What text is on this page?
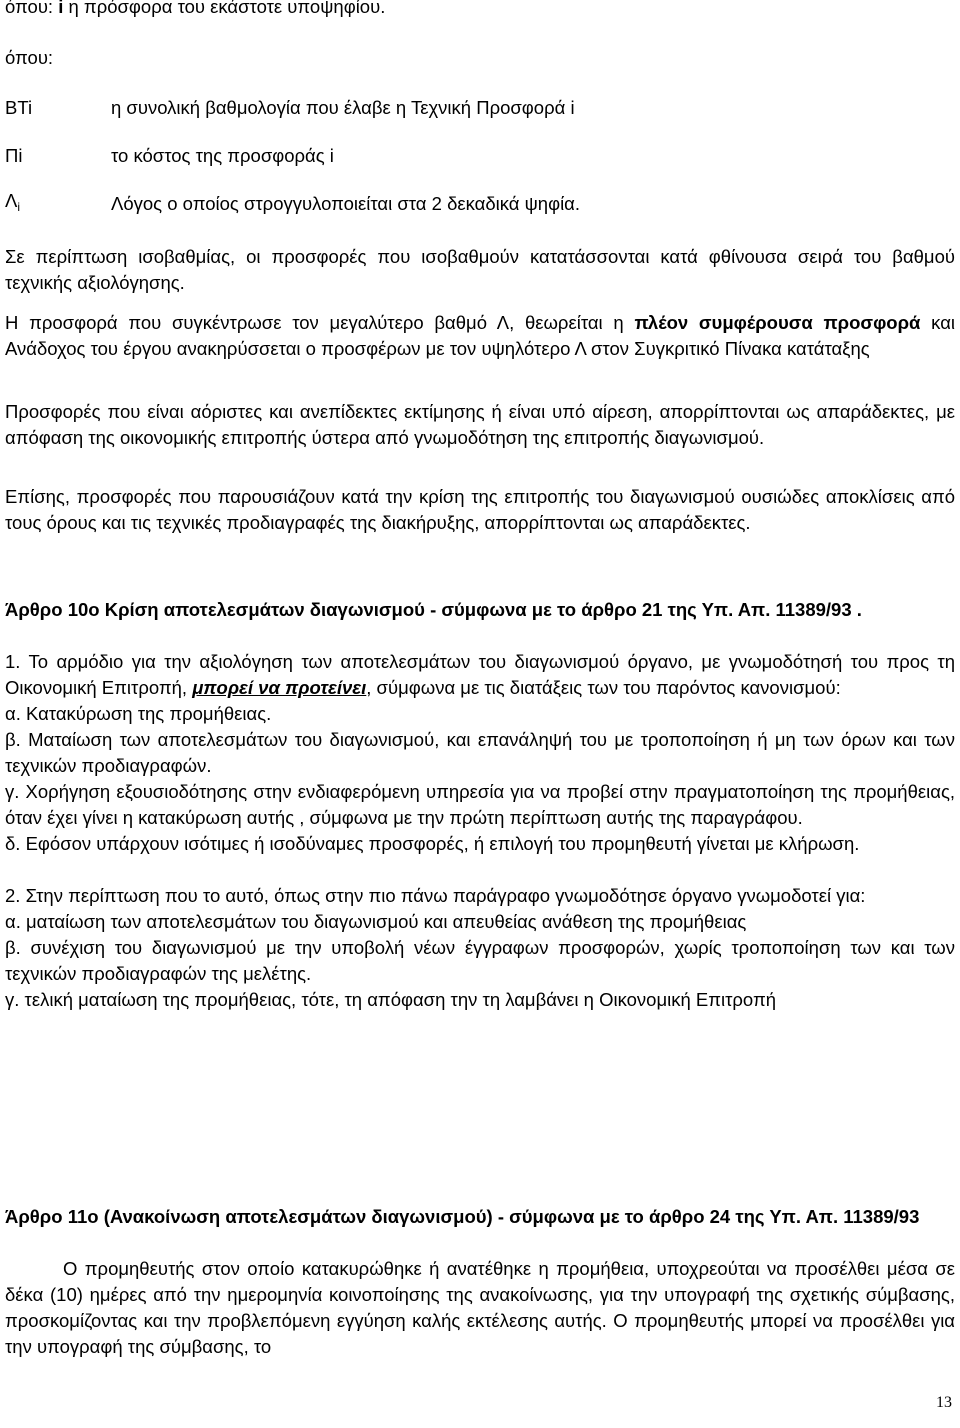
όπου: i η πρόσφορα του εκάστοτε υποψηφίου.

όπου:

BTi	η συνολική βαθμολογία που έλαβε η Τεχνική Προσφορά i
Πi	το κόστος της προσφοράς i
$\Lambda_i$	Λόγος ο οποίος στρογγυλοποιείται στα 2 δεκαδικά ψηφία.

Σε περίπτωση ισοβαθμίας, οι προσφορές που ισοβαθμούν κατατάσσονται κατά φθίνουσα σειρά του βαθμού τεχνικής αξιολόγησης.

Η προσφορά που συγκέντρωσε τον μεγαλύτερο βαθμό Λ, θεωρείται η πλέον συμφέρουσα προσφορά και Ανάδοχος του έργου ανακηρύσσεται ο προσφέρων με τον υψηλότερο Λ στον Συγκριτικό Πίνακα κατάταξης

Προσφορές που είναι αόριστες και ανεπίδεκτες εκτίμησης ή είναι υπό αίρεση, απορρίπτονται ως απαράδεκτες, με απόφαση της οικονομικής επιτροπής ύστερα από γνωμοδότηση της επιτροπής διαγωνισμού.

Επίσης, προσφορές που παρουσιάζουν κατά την κρίση της επιτροπής του διαγωνισμού ουσιώδες αποκλίσεις από τους όρους και τις τεχνικές προδιαγραφές της διακήρυξης, απορρίπτονται ως απαράδεκτες.

Άρθρο 10ο Κρίση αποτελεσμάτων διαγωνισμού - σύμφωνα με το άρθρο 21 της Υπ. Απ. 11389/93 .

1. Το αρμόδιο για την αξιολόγηση των αποτελεσμάτων του διαγωνισμού όργανο, με γνωμοδότησή του προς τη Οικονομική Επιτροπή, μπορεί να προτείνει, σύμφωνα με τις διατάξεις των του παρόντος κανονισμού:

α. Κατακύρωση της προμήθειας.

β. Ματαίωση των αποτελεσμάτων του διαγωνισμού, και επανάληψή του με τροποποίηση ή μη των όρων και των τεχνικών προδιαγραφών.

γ. Χορήγηση εξουσιοδότησης στην ενδιαφερόμενη υπηρεσία για να προβεί στην πραγματοποίηση της προμήθειας, όταν έχει γίνει η κατακύρωση αυτής , σύμφωνα με την πρώτη περίπτωση αυτής της παραγράφου.

δ. Εφόσον υπάρχουν ισότιμες ή ισοδύναμες προσφορές, ή επιλογή του προμηθευτή γίνεται με κλήρωση.

2. Στην περίπτωση που το αυτό, όπως στην πιο πάνω παράγραφο γνωμοδότησε όργανο γνωμοδοτεί για:

α. ματαίωση των αποτελεσμάτων του διαγωνισμού και απευθείας ανάθεση της προμήθειας

β. συνέχιση του διαγωνισμού με την υποβολή νέων έγγραφων προσφορών, χωρίς τροποποίηση των και των τεχνικών προδιαγραφών της μελέτης.

γ. τελική ματαίωση της προμήθειας, τότε, τη απόφαση την τη λαμβάνει η Οικονομική Επιτροπή

Άρθρο 11ο (Ανακοίνωση αποτελεσμάτων διαγωνισμού) - σύμφωνα με το άρθρο 24 της Υπ. Απ. 11389/93

Ο προμηθευτής στον οποίο κατακυρώθηκε ή ανατέθηκε η προμήθεια, υποχρεούται να προσέλθει μέσα σε δέκα (10) ημέρες από την ημερομηνία κοινοποίησης της ανακοίνωσης, για την υπογραφή της σχετικής σύμβασης, προσκομίζοντας και την προβλεπόμενη εγγύηση καλής εκτέλεσης αυτής. Ο προμηθευτής μπορεί να προσέλθει για την υπογραφή της σύμβασης, το

13
